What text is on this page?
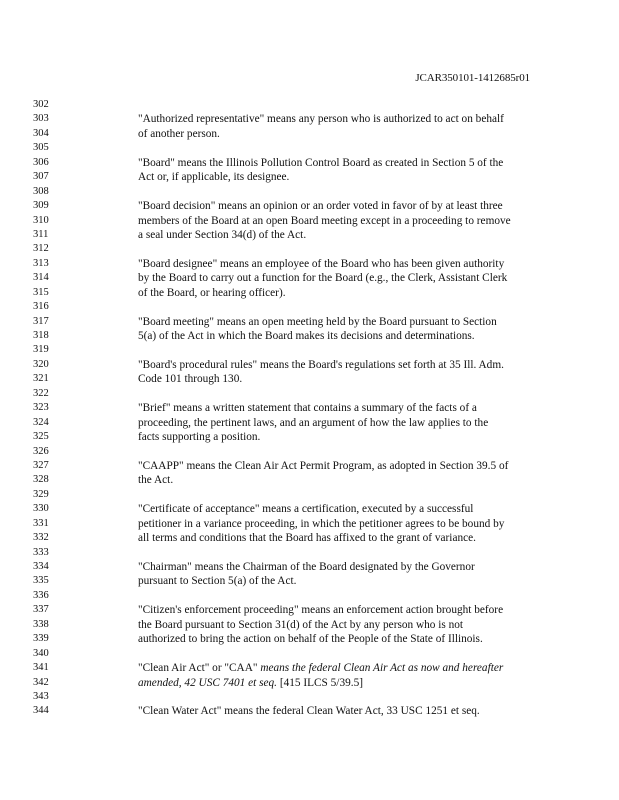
JCAR350101-1412685r01
302
303	"Authorized representative" means any person who is authorized to act on behalf
304	of another person.
305
306	"Board" means the Illinois Pollution Control Board as created in Section 5 of the
307	Act or, if applicable, its designee.
308
309	"Board decision" means an opinion or an order voted in favor of by at least three
310	members of the Board at an open Board meeting except in a proceeding to remove
311	a seal under Section 34(d) of the Act.
312
313	"Board designee" means an employee of the Board who has been given authority
314	by the Board to carry out a function for the Board (e.g., the Clerk, Assistant Clerk
315	of the Board, or hearing officer).
316
317	"Board meeting" means an open meeting held by the Board pursuant to Section
318	5(a) of the Act in which the Board makes its decisions and determinations.
319
320	"Board's procedural rules" means the Board's regulations set forth at 35 Ill. Adm.
321	Code 101 through 130.
322
323	"Brief" means a written statement that contains a summary of the facts of a
324	proceeding, the pertinent laws, and an argument of how the law applies to the
325	facts supporting a position.
326
327	"CAAPP" means the Clean Air Act Permit Program, as adopted in Section 39.5 of
328	the Act.
329
330	"Certificate of acceptance" means a certification, executed by a successful
331	petitioner in a variance proceeding, in which the petitioner agrees to be bound by
332	all terms and conditions that the Board has affixed to the grant of variance.
333
334	"Chairman" means the Chairman of the Board designated by the Governor
335	pursuant to Section 5(a) of the Act.
336
337	"Citizen's enforcement proceeding" means an enforcement action brought before
338	the Board pursuant to Section 31(d) of the Act by any person who is not
339	authorized to bring the action on behalf of the People of the State of Illinois.
340
341	"Clean Air Act" or "CAA" means the federal Clean Air Act as now and hereafter
342	amended, 42 USC 7401 et seq. [415 ILCS 5/39.5]
343
344	"Clean Water Act" means the federal Clean Water Act, 33 USC 1251 et seq.
